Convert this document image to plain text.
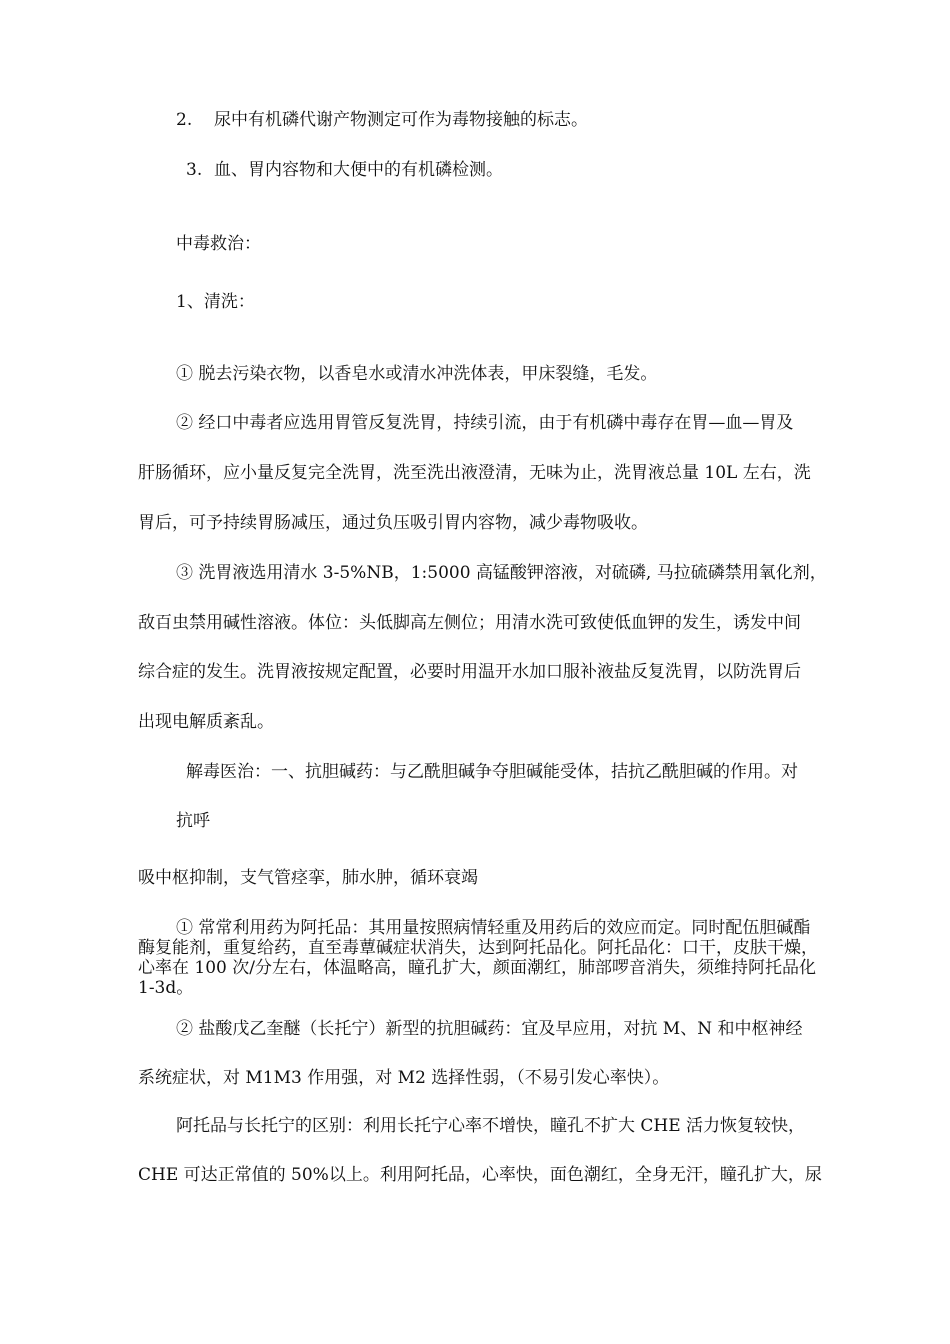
2. 尿中有机磷代谢产物测定可作为毒物接触的标志。
3. 血、胃内容物和大便中的有机磷检测。
中毒救治：
1、清洗：
① 脱去污染衣物，以香皂水或清水冲洗体表，甲床裂缝，毛发。
② 经口中毒者应选用胃管反复洗胃，持续引流，由于有机磷中毒存在胃—血—胃及
肝肠循环，应小量反复完全洗胃，洗至洗出液澄清，无味为止，洗胃液总量 10L 左右，洗
胃后，可予持续胃肠减压，通过负压吸引胃内容物，减少毒物吸收。
③ 洗胃液选用清水 3-5%NB，1:5000 高锰酸钾溶液，对硫磷, 马拉硫磷禁用氧化剂，
敌百虫禁用碱性溶液。体位：头低脚高左侧位；用清水洗可致使低血钾的发生，诱发中间
综合症的发生。洗胃液按规定配置，必要时用温开水加口服补液盐反复洗胃，以防洗胃后
出现电解质紊乱。
解毒医治：一、抗胆碱药：与乙酰胆碱争夺胆碱能受体，拮抗乙酰胆碱的作用。对
抗呼
吸中枢抑制，支气管痉挛，肺水肿，循环衰竭
① 常常利用药为阿托品：其用量按照病情轻重及用药后的效应而定。同时配伍胆碱酯
酶复能剂，重复给药，直至毒蕈碱症状消失，达到阿托品化。阿托品化：口干，皮肤干燥，
心率在 100 次/分左右，体温略高，瞳孔扩大，颜面潮红，肺部啰音消失，须维持阿托品化
1-3d。
② 盐酸戊乙奎醚（长托宁）新型的抗胆碱药：宜及早应用，对抗 M、N 和中枢神经
系统症状，对 M1M3 作用强，对 M2 选择性弱，（不易引发心率快）。
阿托品与长托宁的区别：利用长托宁心率不增快，瞳孔不扩大 CHE 活力恢复较快，
CHE 可达正常值的 50%以上。利用阿托品，心率快，面色潮红，全身无汗，瞳孔扩大，尿
